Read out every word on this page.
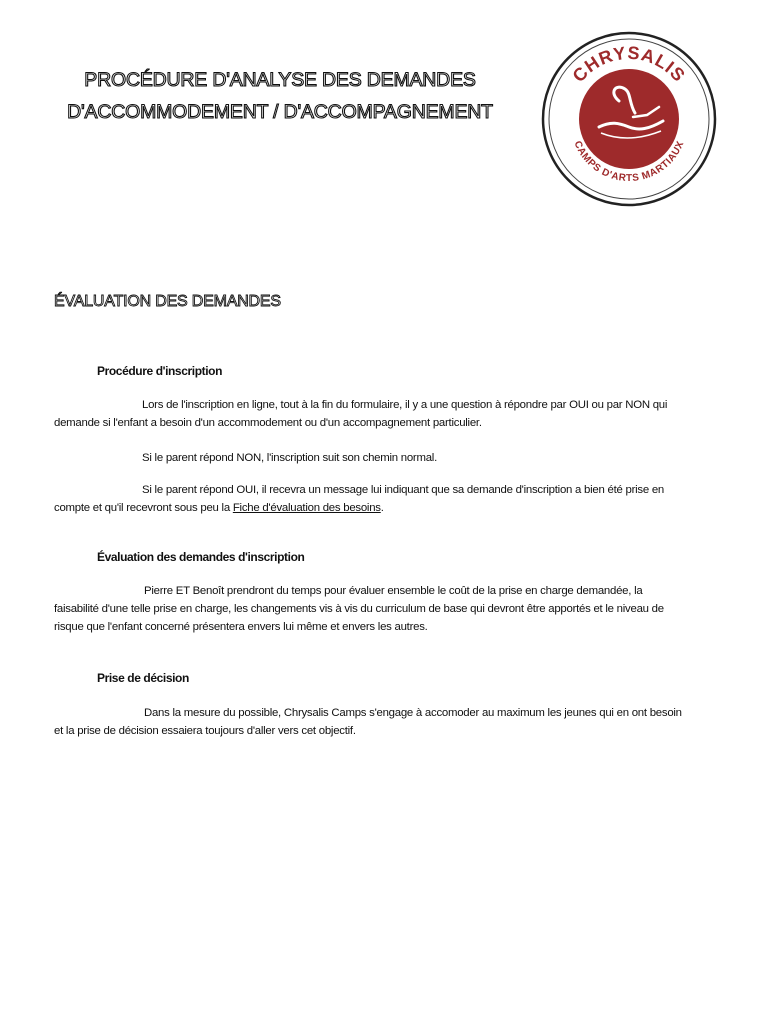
PROCÉDURE D'ANALYSE DES DEMANDES
D'ACCOMMODEMENT / D'ACCOMPAGNEMENT
CHRYSALIS
CAMPS D'ARTS MARTIAUX
ÉVALUATION DES DEMANDES
Procédure d'inscription

Lors de l'inscription en ligne, tout à la fin du formulaire, il y a une question à répondre par OUI ou par NON qui demande si l'enfant a besoin d'un accommodement ou d'un accompagnement particulier.

Si le parent répond NON, l'inscription suit son chemin normal.

Si le parent répond OUI, il recevra un message lui indiquant que sa demande d'inscription a bien été prise en compte et qu'il recevront sous peu la Fiche d'évaluation des besoins.

Évaluation des demandes d'inscription

Pierre ET Benoît prendront du temps pour évaluer ensemble le coût de la prise en charge demandée, la faisabilité d'une telle prise en charge, les changements vis à vis du curriculum de base qui devront être apportés et le niveau de risque que l'enfant concerné présentera envers lui même et envers les autres.

Prise de décision

Dans la mesure du possible, Chrysalis Camps s'engage à accomoder au maximum les jeunes qui en ont besoin et la prise de décision essaiera toujours d'aller vers cet objectif.
